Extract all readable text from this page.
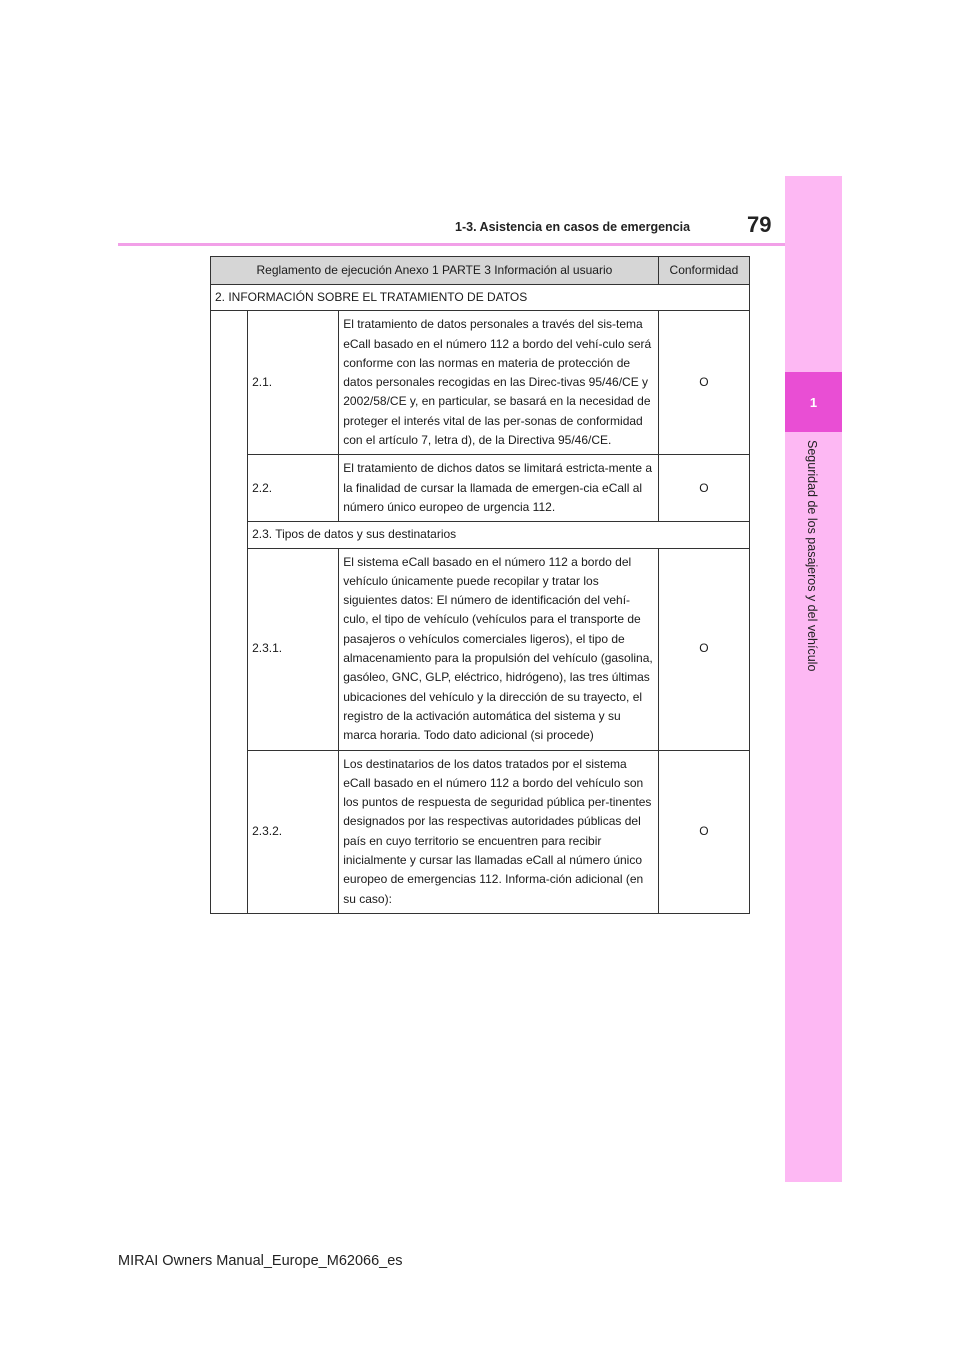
1
Seguridad de los pasajeros y del vehículo
1-3. Asistencia en casos de emergencia	79
Reglamento de ejecución Anexo 1 PARTE 3 Información al usuario			Conformidad
2. INFORMACIÓN SOBRE EL TRATAMIENTO DE DATOS			
	2.1.	El tratamiento de datos personales a través del sis-tema eCall basado en el número 112 a bordo del vehí-culo será conforme con las normas en materia de protección de datos personales recogidas en las Direc-tivas 95/46/CE y 2002/58/CE y, en particular, se basará en la necesidad de proteger el interés vital de las per-sonas de conformidad con el artículo 7, letra d), de la Directiva 95/46/CE.	O
	2.2.	El tratamiento de dichos datos se limitará estricta-mente a la finalidad de cursar la llamada de emergen-cia eCall al número único europeo de urgencia 112.	O
	2.3. Tipos de datos y sus destinatarios		
	2.3.1.	El sistema eCall basado en el número 112 a bordo del vehículo únicamente puede recopilar y tratar los siguientes datos: El número de identificación del vehí-culo, el tipo de vehículo (vehículos para el transporte de pasajeros o vehículos comerciales ligeros), el tipo de almacenamiento para la propulsión del vehículo (gasolina, gasóleo, GNC, GLP, eléctrico, hidrógeno), las tres últimas ubicaciones del vehículo y la dirección de su trayecto, el registro de la activación automática del sistema y su marca horaria. Todo dato adicional (si procede)	O
	2.3.2.	Los destinatarios de los datos tratados por el sistema eCall basado en el número 112 a bordo del vehículo son los puntos de respuesta de seguridad pública per-tinentes designados por las respectivas autoridades públicas del país en cuyo territorio se encuentren para recibir inicialmente y cursar las llamadas eCall al número único europeo de emergencias 112. Informa-ción adicional (en su caso):	O
MIRAI Owners Manual_Europe_M62066_es
